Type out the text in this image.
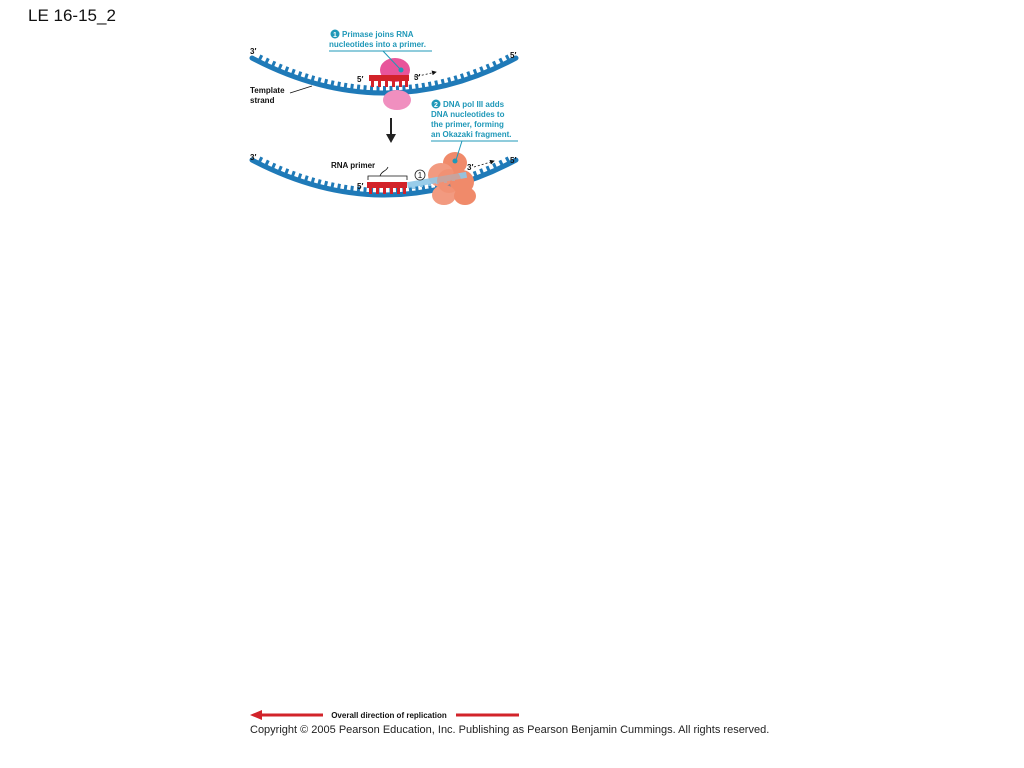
LE 16-15_2
3′	5′
5′	3′
Template
strand
1 Primase joins RNA
nucleotides into a primer.
1
RNA primer
3′	5′
5′
3′
2 DNA pol III adds
DNA nucleotides to
the primer, forming
an Okazaki fragment.
Overall direction of replication
Copyright © 2005 Pearson Education, Inc. Publishing as Pearson Benjamin Cummings. All rights reserved.
